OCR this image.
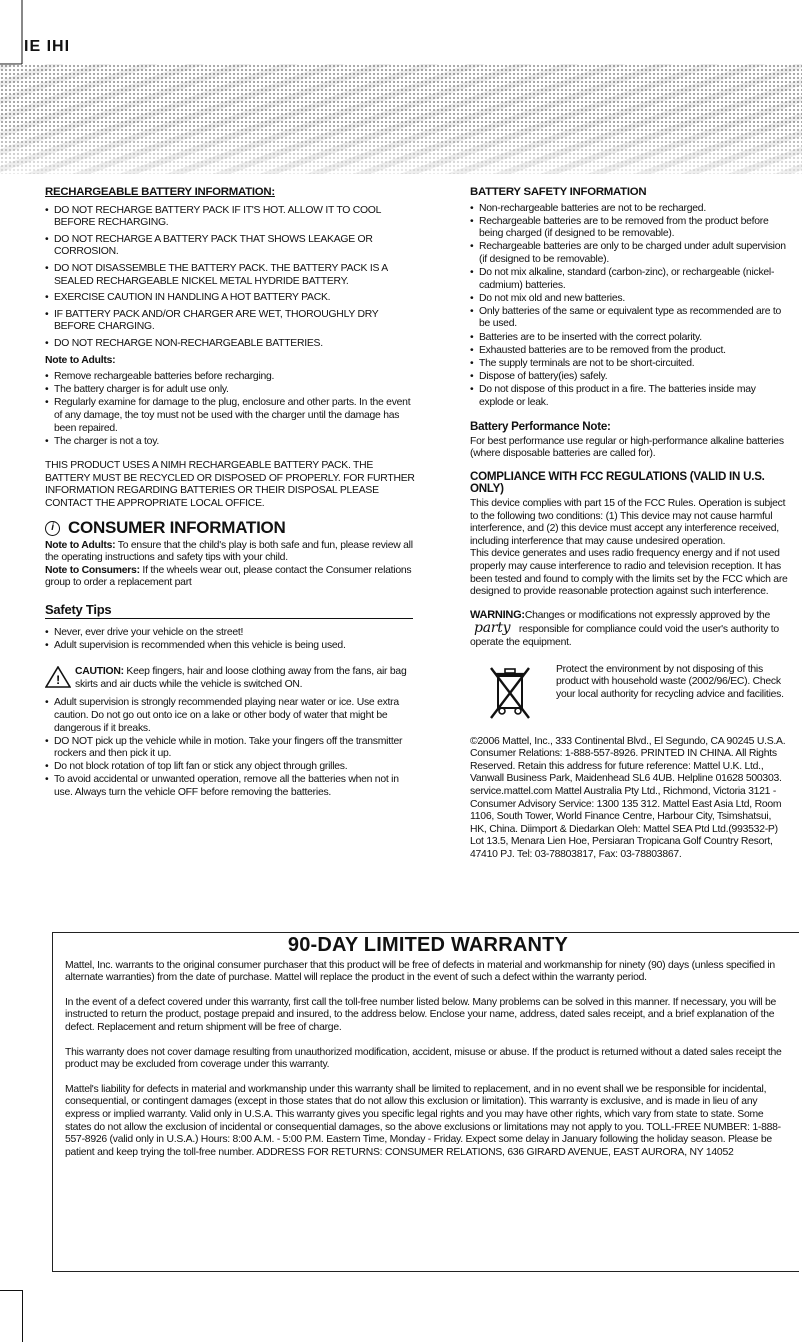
IE IHI
RECHARGEABLE BATTERY INFORMATION:
• DO NOT RECHARGE BATTERY PACK IF IT'S HOT. ALLOW IT TO COOL BEFORE RECHARGING.
• DO NOT RECHARGE A BATTERY PACK THAT SHOWS LEAKAGE OR CORROSION.
• DO NOT DISASSEMBLE THE BATTERY PACK. THE BATTERY PACK IS A SEALED RECHARGEABLE NICKEL METAL HYDRIDE BATTERY.
• EXERCISE CAUTION IN HANDLING A HOT BATTERY PACK.
• IF BATTERY PACK AND/OR CHARGER ARE WET, THOROUGHLY DRY BEFORE CHARGING.
• DO NOT RECHARGE NON-RECHARGEABLE BATTERIES.
Note to Adults:
• Remove rechargeable batteries before recharging.
• The battery charger is for adult use only.
• Regularly examine for damage to the plug, enclosure and other parts. In the event of any damage, the toy must not be used with the charger until the damage has been repaired.
• The charger is not a toy.

THIS PRODUCT USES A NIMH RECHARGEABLE BATTERY PACK. THE BATTERY MUST BE RECYCLED OR DISPOSED OF PROPERLY. FOR FURTHER INFORMATION REGARDING BATTERIES OR THEIR DISPOSAL PLEASE CONTACT THE APPROPRIATE LOCAL OFFICE.

i CONSUMER INFORMATION

Note to Adults: To ensure that the child's play is both safe and fun, please review all the operating instructions and safety tips with your child.

Note to Consumers: If the wheels wear out, please contact the Consumer relations group to order a replacement part

Safety Tips
• Never, ever drive your vehicle on the street!
• Adult supervision is recommended when this vehicle is being used.
!
CAUTION: Keep fingers, hair and loose clothing away from the fans, air bag skirts and air ducts while the vehicle is switched ON.
• Adult supervision is strongly recommended playing near water or ice. Use extra caution. Do not go out onto ice on a lake or other body of water that might be dangerous if it breaks.
• DO NOT pick up the vehicle while in motion. Take your fingers off the transmitter rockers and then pick it up.
• Do not block rotation of top lift fan or stick any object through grilles.
• To avoid accidental or unwanted operation, remove all the batteries when not in use. Always turn the vehicle OFF before removing the batteries.
BATTERY SAFETY INFORMATION
• Non-rechargeable batteries are not to be recharged.
• Rechargeable batteries are to be removed from the product before being charged (if designed to be removable).
• Rechargeable batteries are only to be charged under adult supervision (if designed to be removable).
• Do not mix alkaline, standard (carbon-zinc), or rechargeable (nickel-cadmium) batteries.
• Do not mix old and new batteries.
• Only batteries of the same or equivalent type as recommended are to be used.
• Batteries are to be inserted with the correct polarity.
• Exhausted batteries are to be removed from the product.
• The supply terminals are not to be short-circuited.
• Dispose of battery(ies) safely.
• Do not dispose of this product in a fire. The batteries inside may explode or leak.
Battery Performance Note:

For best performance use regular or high-performance alkaline batteries (where disposable batteries are called for).

COMPLIANCE WITH FCC REGULATIONS (VALID IN U.S. ONLY)

This device complies with part 15 of the FCC Rules. Operation is subject to the following two conditions: (1) This device may not cause harmful interference, and (2) this device must accept any interference received, including interference that may cause undesired operation.

This device generates and uses radio frequency energy and if not used properly may cause interference to radio and television reception. It has been tested and found to comply with the limits set by the FCC which are designed to provide reasonable protection against such interference.

WARNING:Changes or modifications not expressly approved by the
party responsible for compliance could void the user's authority to operate the equipment.

Protect the environment by not disposing of this product with household waste (2002/96/EC). Check your local authority for recycling advice and facilities.

©2006 Mattel, Inc., 333 Continental Blvd., El Segundo, CA 90245 U.S.A. Consumer Relations: 1-888-557-8926. PRINTED IN CHINA. All Rights Reserved. Retain this address for future reference: Mattel U.K. Ltd., Vanwall Business Park, Maidenhead SL6 4UB. Helpline 01628 500303. service.mattel.com Mattel Australia Pty Ltd., Richmond, Victoria 3121 - Consumer Advisory Service: 1300 135 312. Mattel East Asia Ltd, Room 1106, South Tower, World Finance Centre, Harbour City, Tsimshatsui, HK, China. Diimport & Diedarkan Oleh: Mattel SEA Ptd Ltd.(993532-P) Lot 13.5, Menara Lien Hoe, Persiaran Tropicana Golf Country Resort, 47410 PJ. Tel: 03-78803817, Fax: 03-78803867.

90-DAY LIMITED WARRANTY

Mattel, Inc. warrants to the original consumer purchaser that this product will be free of defects in material and workmanship for ninety (90) days (unless specified in alternate warranties) from the date of purchase. Mattel will replace the product in the event of such a defect within the warranty period.

In the event of a defect covered under this warranty, first call the toll-free number listed below. Many problems can be solved in this manner. If necessary, you will be instructed to return the product, postage prepaid and insured, to the address below. Enclose your name, address, dated sales receipt, and a brief explanation of the defect. Replacement and return shipment will be free of charge.

This warranty does not cover damage resulting from unauthorized modification, accident, misuse or abuse. If the product is returned without a dated sales receipt the product may be excluded from coverage under this warranty.

Mattel's liability for defects in material and workmanship under this warranty shall be limited to replacement, and in no event shall we be responsible for incidental, consequential, or contingent damages (except in those states that do not allow this exclusion or limitation). This warranty is exclusive, and is made in lieu of any express or implied warranty. Valid only in U.S.A. This warranty gives you specific legal rights and you may have other rights, which vary from state to state. Some states do not allow the exclusion of incidental or consequential damages, so the above exclusions or limitations may not apply to you. TOLL-FREE NUMBER: 1-888-557-8926 (valid only in U.S.A.) Hours: 8:00 A.M. - 5:00 P.M. Eastern Time, Monday - Friday. Expect some delay in January following the holiday season. Please be patient and keep trying the toll-free number. ADDRESS FOR RETURNS: CONSUMER RELATIONS, 636 GIRARD AVENUE, EAST AURORA, NY 14052
